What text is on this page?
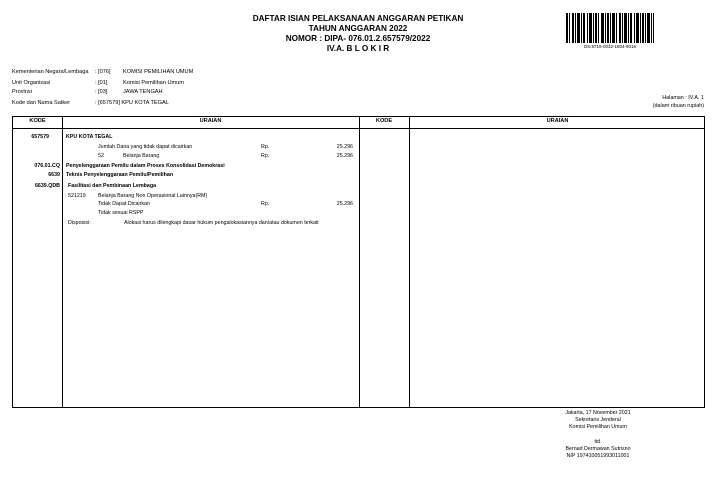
DAFTAR ISIAN PELAKSANAAN ANGGARAN PETIKAN
TAHUN ANGGARAN 2022
NOMOR : DIPA- 076.01.2.657579/2022
IV.A. B L O K I R	DS:8719-0032-1804-9016
Kementerian Negara/Lembaga : [076] KOMISI PEMILIHAN UMUM
Unit Organisasi	: [01]	Komisi Pemilihan Umum
Provinsi	: [03]	JAWA TENGAH
Kode dan Nama Satker	: [657579] KPU KOTA TEGAL
Halaman : IV.A. 1
(dalam ribuan rupiah)
KODE	URAIAN	KODE	URAIAN
657579	KPU KOTA TEGAL
Jumlah Dana yang tidak dapat dicairkan	Rp.	25.296
52	Belanja Barang	Rp.	25.296
076.01.CQ Penyelenggaraan Pemilu dalam Proses Konsolidasi Demokrasi
6639 Teknis Penyelenggaraan Pemilu/Pemilihan
6639.QDB Fasilitasi dan Pembinaan Lembaga
521219 Belanja Barang Non Operasional Lainnya(RM)
Tidak Dapat Dicairkan	Rp.	25.296
Tidak sesuai RSPP
Disposisi:	Alokasi harus dilengkapi dasar hukum pengalokasiannya dan/atau dokumen terkait
Jakarta, 17 November 2021
Sekretaris Jenderal
Komisi Pemilihan Umum
ttd.
Bernad Dermawan Sutrisno
NIP 197410051993011001
